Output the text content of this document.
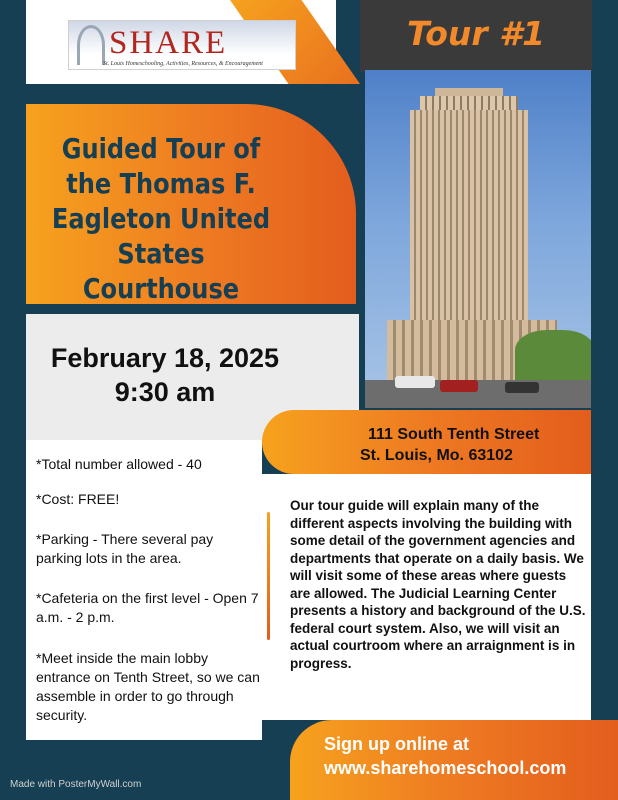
SHARE
St. Louis Homeschooling, Activities, Resources, & Encouragement
Tour #1
Guided Tour of the Thomas F. Eagleton United States Courthouse
February 18, 2025
9:30 am
111 South Tenth Street
St. Louis, Mo. 63102
*Total number allowed - 40
*Cost: FREE!
*Parking - There several pay parking lots in the area.
*Cafeteria on the first level - Open 7 a.m. - 2 p.m.
*Meet inside the main lobby entrance on Tenth Street, so we can assemble in order to go through security.
Our tour guide will explain many of the different aspects involving the building with some detail of the government agencies and departments that operate on a daily basis. We will visit some of these areas where guests are allowed. The Judicial Learning Center presents a history and background of the U.S. federal court system. Also, we will visit an actual courtroom where an arraignment is in progress.
Sign up online at
www.sharehomeschool.com
Made with PosterMyWall.com
